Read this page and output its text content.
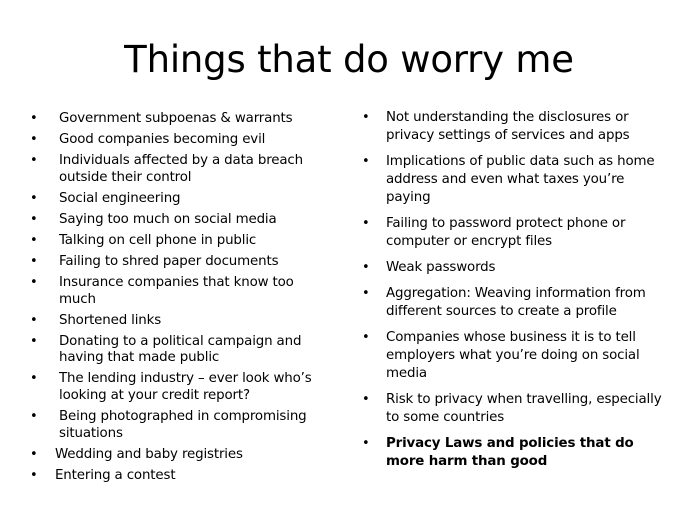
Things that do worry me
• Government subpoenas & warrants
• Good companies becoming evil
• Individuals affected by a data breach outside their control
• Social engineering
• Saying too much on social media
• Talking on cell phone in public
• Failing to shred paper documents
• Insurance companies that know too much
• Shortened links
• Donating to a political campaign and having that made public
• The lending industry – ever look who’s looking at your credit report?
• Being photographed in compromising situations
• Wedding and baby registries
• Entering a contest
• Not understanding the disclosures or privacy settings of services and apps
• Implications of public data such as home address and even what taxes you’re paying
• Failing to password protect phone or computer or encrypt files
• Weak passwords
• Aggregation: Weaving information from different sources to create a profile
• Companies whose business it is to tell employers what you’re doing on social media
• Risk to privacy when travelling, especially to some countries
• Privacy Laws and policies that do more harm than good
